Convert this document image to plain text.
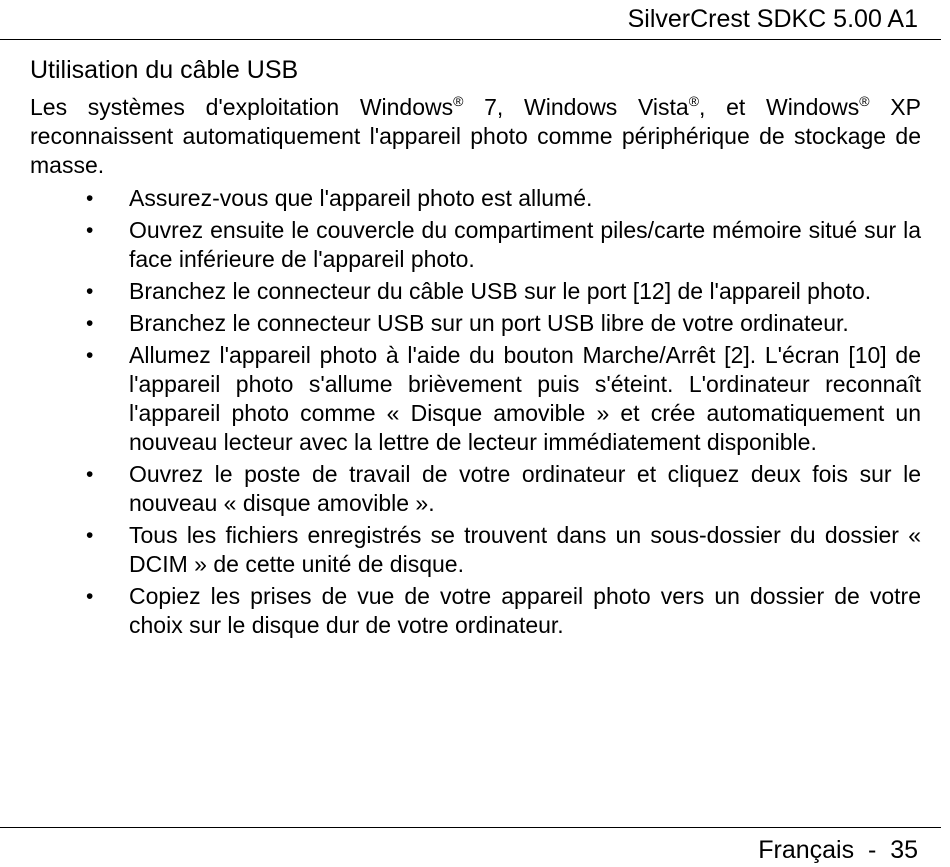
SilverCrest SDKC 5.00 A1
Utilisation du câble USB

Les systèmes d'exploitation Windows® 7, Windows Vista®, et Windows® XP reconnaissent automatiquement l'appareil photo comme périphérique de stockage de masse.

• Assurez-vous que l'appareil photo est allumé.
• Ouvrez ensuite le couvercle du compartiment piles/carte mémoire situé sur la face inférieure de l'appareil photo.
• Branchez le connecteur du câble USB sur le port [12] de l'appareil photo.
• Branchez le connecteur USB sur un port USB libre de votre ordinateur.
• Allumez l'appareil photo à l'aide du bouton Marche/Arrêt [2]. L'écran [10] de l'appareil photo s'allume brièvement puis s'éteint. L'ordinateur reconnaît l'appareil photo comme « Disque amovible » et crée automatiquement un nouveau lecteur avec la lettre de lecteur immédiatement disponible.
• Ouvrez le poste de travail de votre ordinateur et cliquez deux fois sur le nouveau « disque amovible ».
• Tous les fichiers enregistrés se trouvent dans un sous-dossier du dossier « DCIM » de cette unité de disque.
• Copiez les prises de vue de votre appareil photo vers un dossier de votre choix sur le disque dur de votre ordinateur.
Français  -  35
